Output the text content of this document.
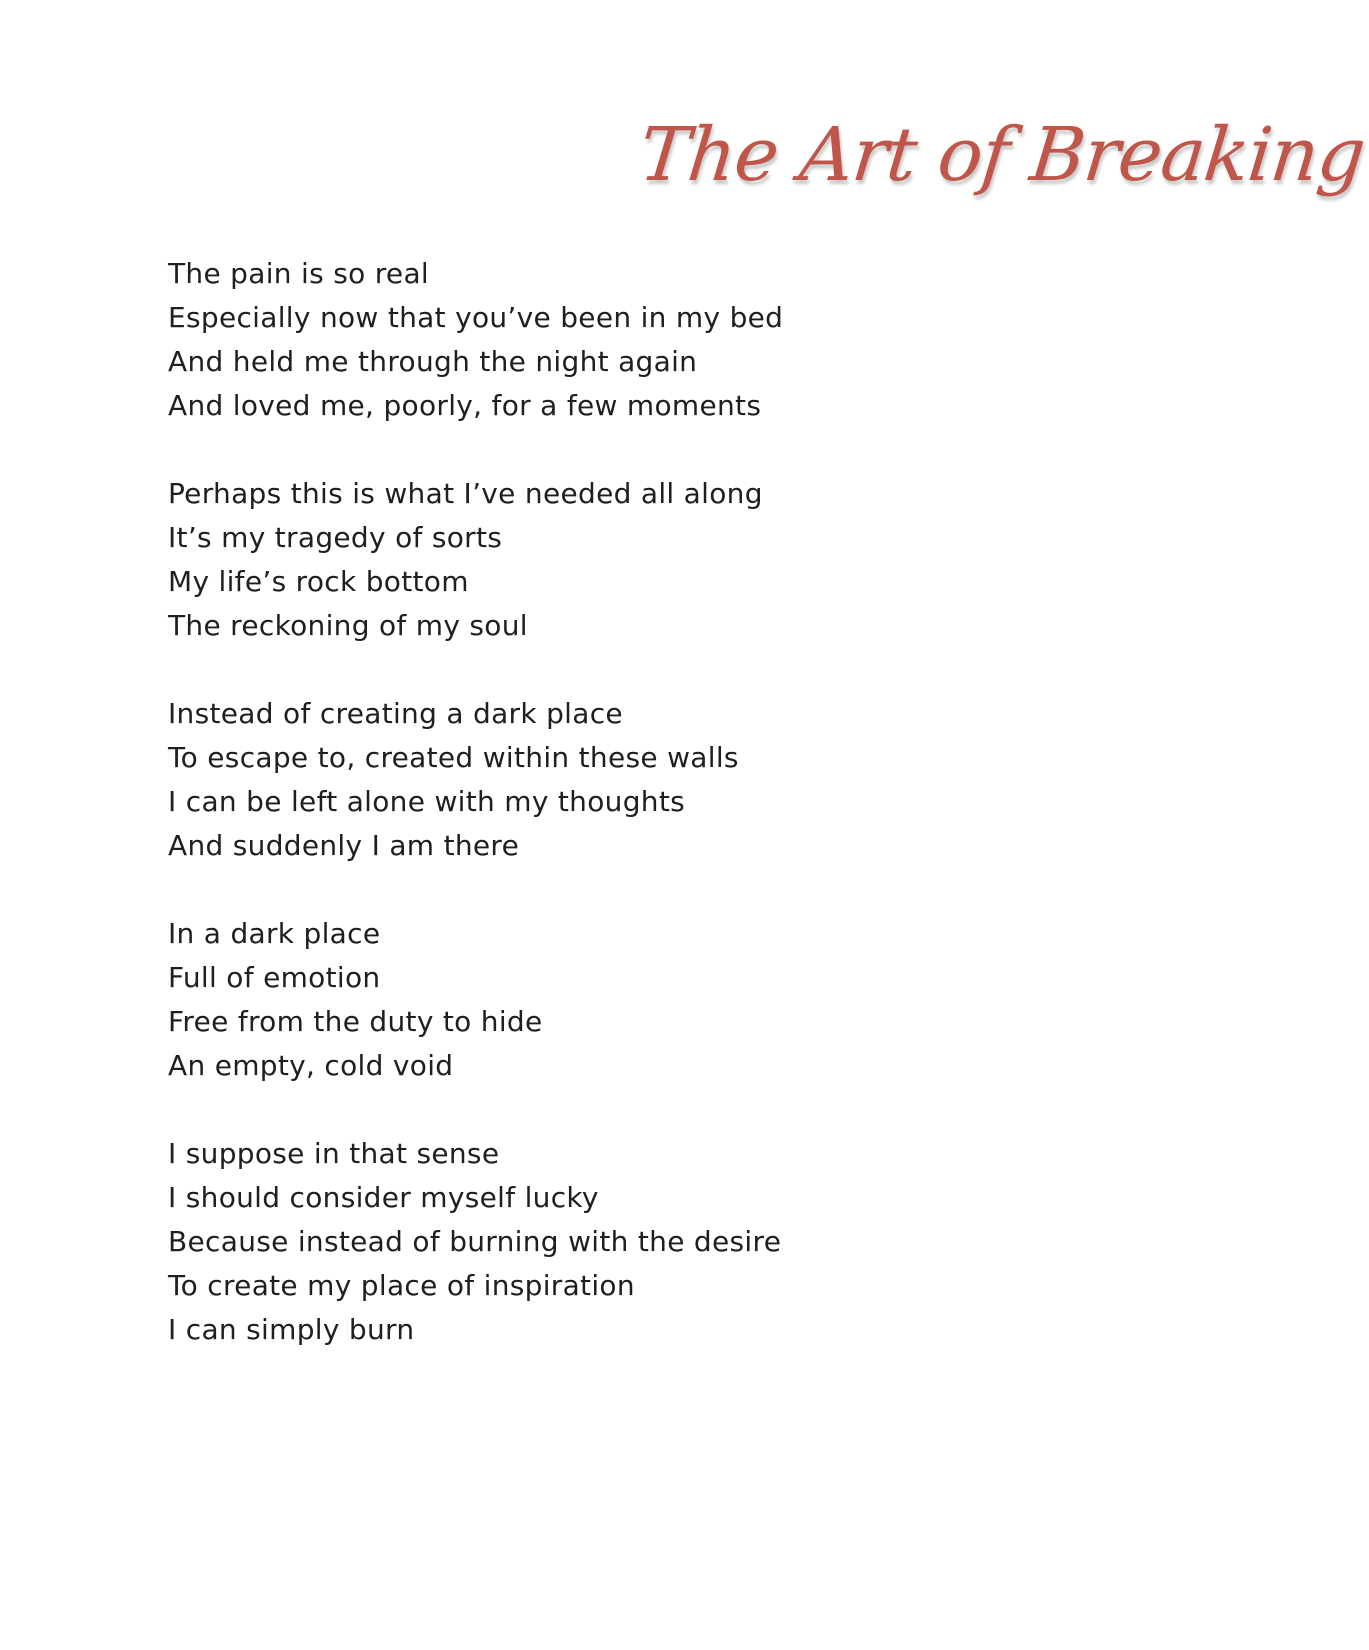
The Art of Breaking
The pain is so real
Especially now that you’ve been in my bed
And held me through the night again
And loved me, poorly, for a few moments
Perhaps this is what I’ve needed all along
It’s my tragedy of sorts
My life’s rock bottom
The reckoning of my soul
Instead of creating a dark place
To escape to, created within these walls
I can be left alone with my thoughts
And suddenly I am there
In a dark place
Full of emotion
Free from the duty to hide
An empty, cold void
I suppose in that sense
I should consider myself lucky
Because instead of burning with the desire
To create my place of inspiration
I can simply burn
